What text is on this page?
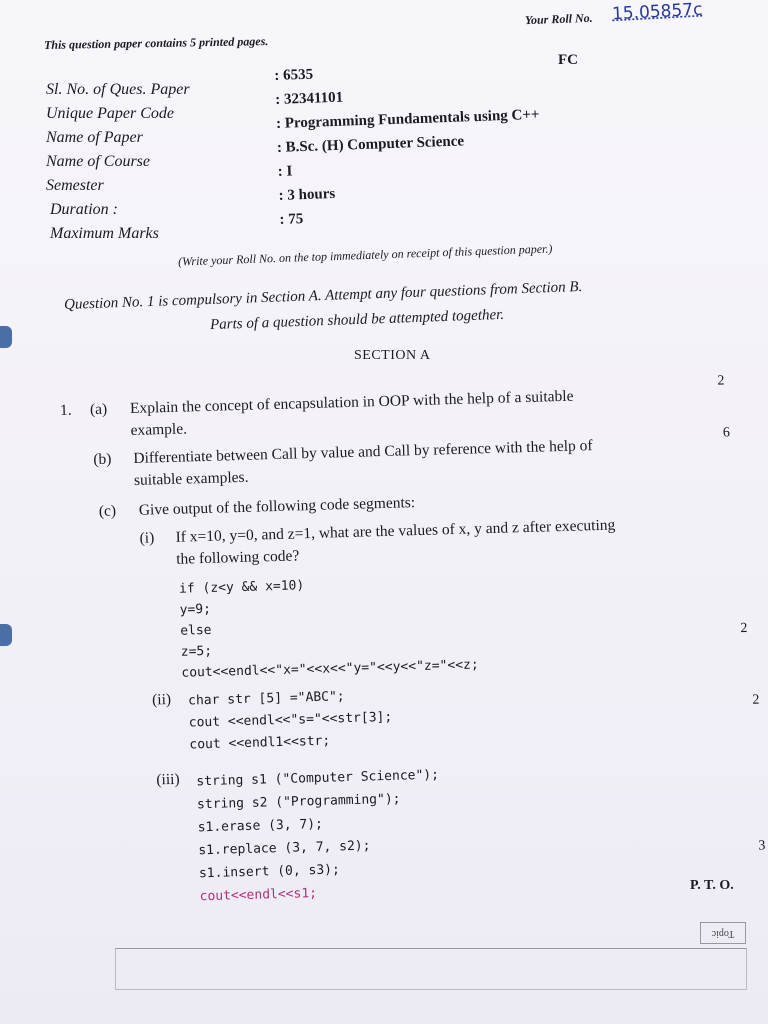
This question paper contains 5 printed pages.
Your Roll No. 15.05857c
FC
Sl. No. of Ques. Paper
Unique Paper Code
Name of Paper
Name of Course
Semester
Duration :
Maximum Marks
: 6535
: 32341101
: Programming Fundamentals using C++
: B.Sc. (H) Computer Science
: I
: 3 hours
: 75
(Write your Roll No. on the top immediately on receipt of this question paper.)
Question No. 1 is compulsory in Section A. Attempt any four questions from Section B.
Parts of a question should be attempted together.
SECTION A
1. (a) Explain the concept of encapsulation in OOP with the help of a suitable
example.
2
(b) Differentiate between Call by value and Call by reference with the help of
suitable examples.
6
(c) Give output of the following code segments:
(i) If x=10, y=0, and z=1, what are the values of x, y and z after executing
the following code?
if (z<y && x=10)
y=9;
else
z=5;
cout<<endl<<"x="<<x<<"y="<<y<<"z="<<z;
2
(ii) char str [5] ="ABC";
cout <<endl<<"s="<<str[3];
cout <<endl1<<str;
2
(iii) string s1 ("Computer Science");
string s2 ("Programming");
s1.erase (3, 7);
s1.replace (3, 7, s2);
s1.insert (0, s3);
cout<<endl<<s1;
3
P. T. O.
Topic
